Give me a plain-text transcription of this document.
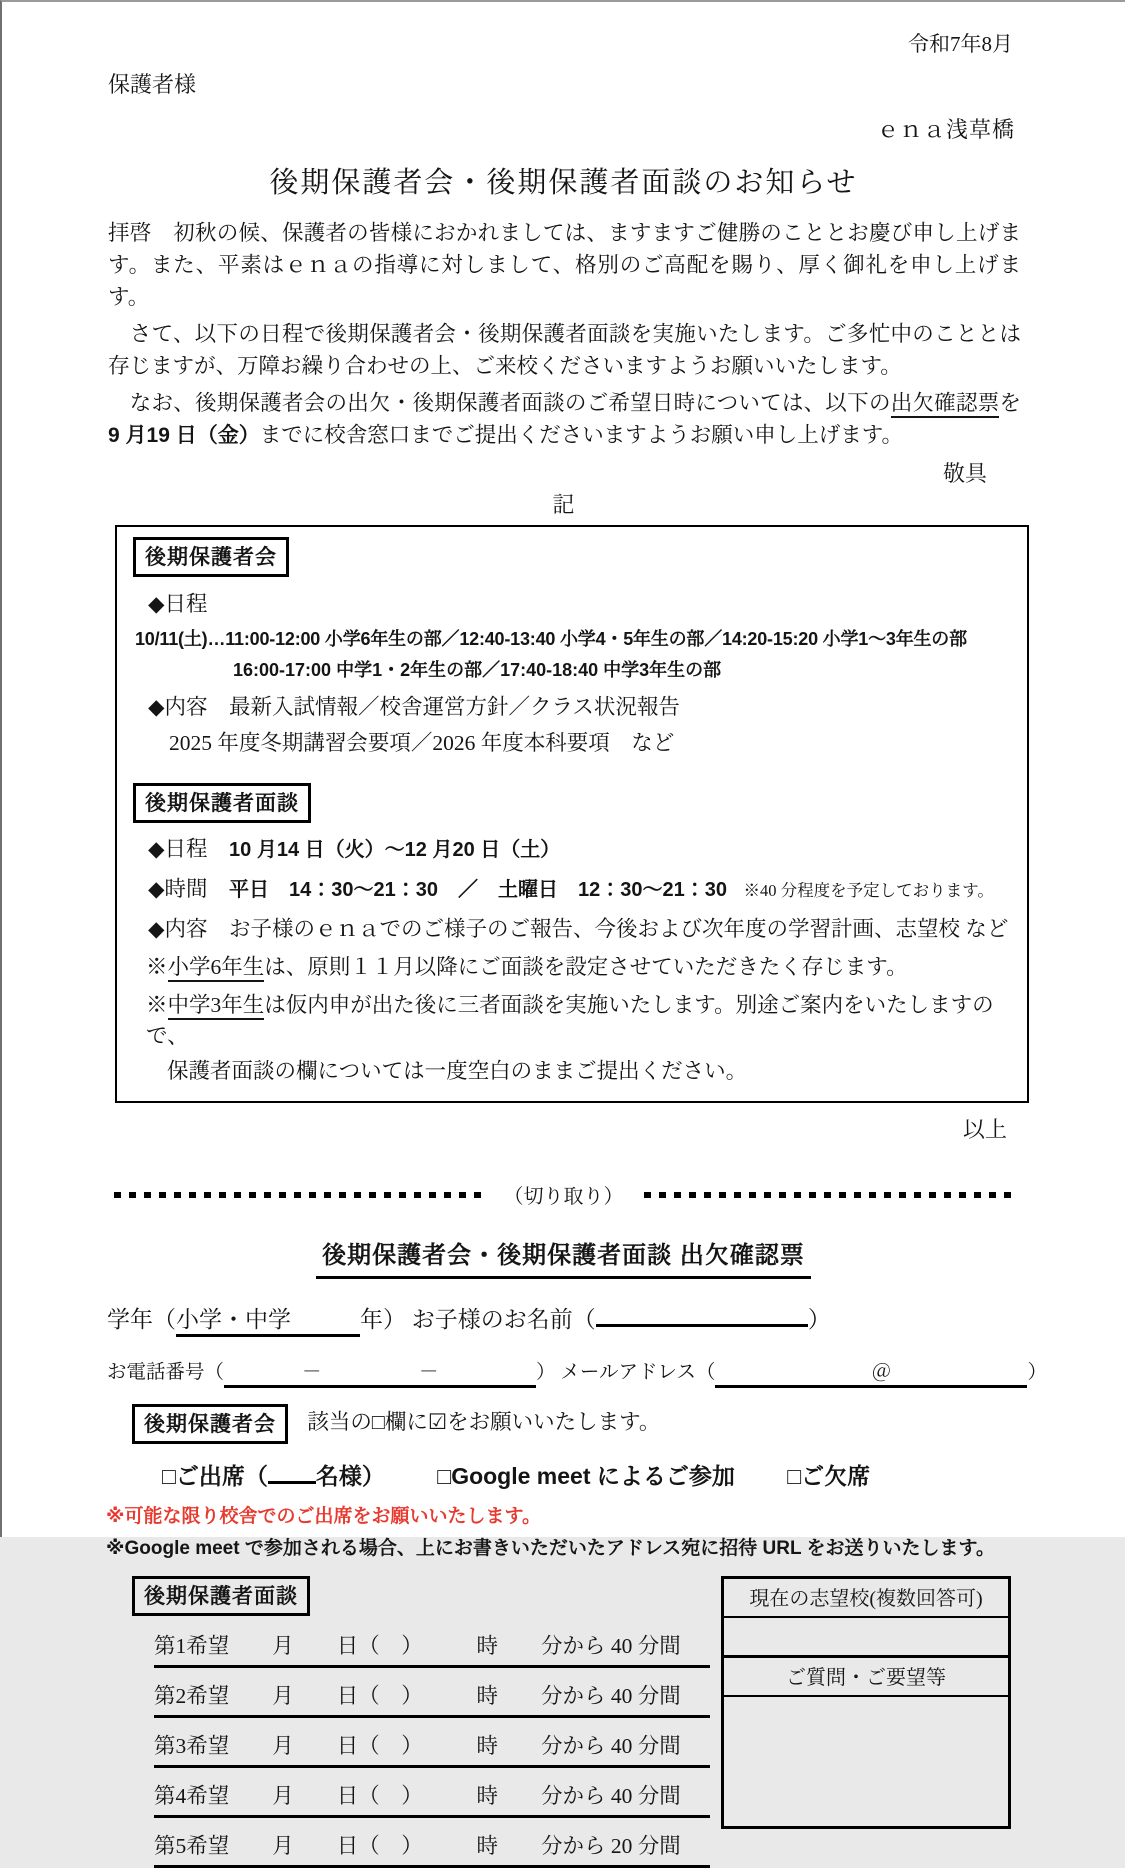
令和7年8月
保護者様
ｅｎａ浅草橋
後期保護者会・後期保護者面談のお知らせ

拝啓　初秋の候、保護者の皆様におかれましては、ますますご健勝のこととお慶び申し上げます。また、平素はｅｎａの指導に対しまして、格別のご高配を賜り、厚く御礼を申し上げます。

　さて、以下の日程で後期保護者会・後期保護者面談を実施いたします。ご多忙中のこととは存じますが、万障お繰り合わせの上、ご来校くださいますようお願いいたします。

　なお、後期保護者会の出欠・後期保護者面談のご希望日時については、以下の出欠確認票を9 月19 日（金）までに校舎窓口までご提出くださいますようお願い申し上げます。

敬具
記
後期保護者会
◆日程
10/11(土)…11:00-12:00 小学6年生の部／12:40-13:40 小学4・5年生の部／14:20-15:20 小学1～3年生の部
16:00-17:00 中学1・2年生の部／17:40-18:40 中学3年生の部
◆内容　最新入試情報／校舎運営方針／クラス状況報告
2025 年度冬期講習会要項／2026 年度本科要項　など
後期保護者面談
◆日程　10 月14 日（火）～12 月20 日（土）
◆時間　平日　14：30～21：30　／　土曜日　12：30～21：30　※40 分程度を予定しております。
◆内容　お子様のｅｎａでのご様子のご報告、今後および次年度の学習計画、志望校 など
※小学6年生は、原則１１月以降にご面談を設定させていただきたく存じます。
※中学3年生は仮内申が出た後に三者面談を実施いたします。別途ご案内をいたしますので、
保護者面談の欄については一度空白のままご提出ください。
以上
（切り取り）
後期保護者会・後期保護者面談 出欠確認票
学年（小学・中学　　　年） お子様のお名前（	）
お電話番号（　　　　－　　　　　－　　　　　） メールアドレス（　　　　　　　　＠　　　　　　　）
後期保護者会 該当の□欄に☑をお願いいたします。
□ご出席（ 名様） □Google meet によるご参加 □ご欠席
※可能な限り校舎でのご出席をお願いいたします。
※Google meet で参加される場合、上にお書きいただいたアドレス宛に招待 URL をお送りいたします。
後期保護者面談
第1希望　　月　　日（　）　　　時　　分から 40 分間
第2希望　　月　　日（　）　　　時　　分から 40 分間
第3希望　　月　　日（　）　　　時　　分から 40 分間
第4希望　　月　　日（　）　　　時　　分から 40 分間
第5希望　　月　　日（　）　　　時　　分から 20 分間
現在の志望校(複数回答可)
ご質問・ご要望等
